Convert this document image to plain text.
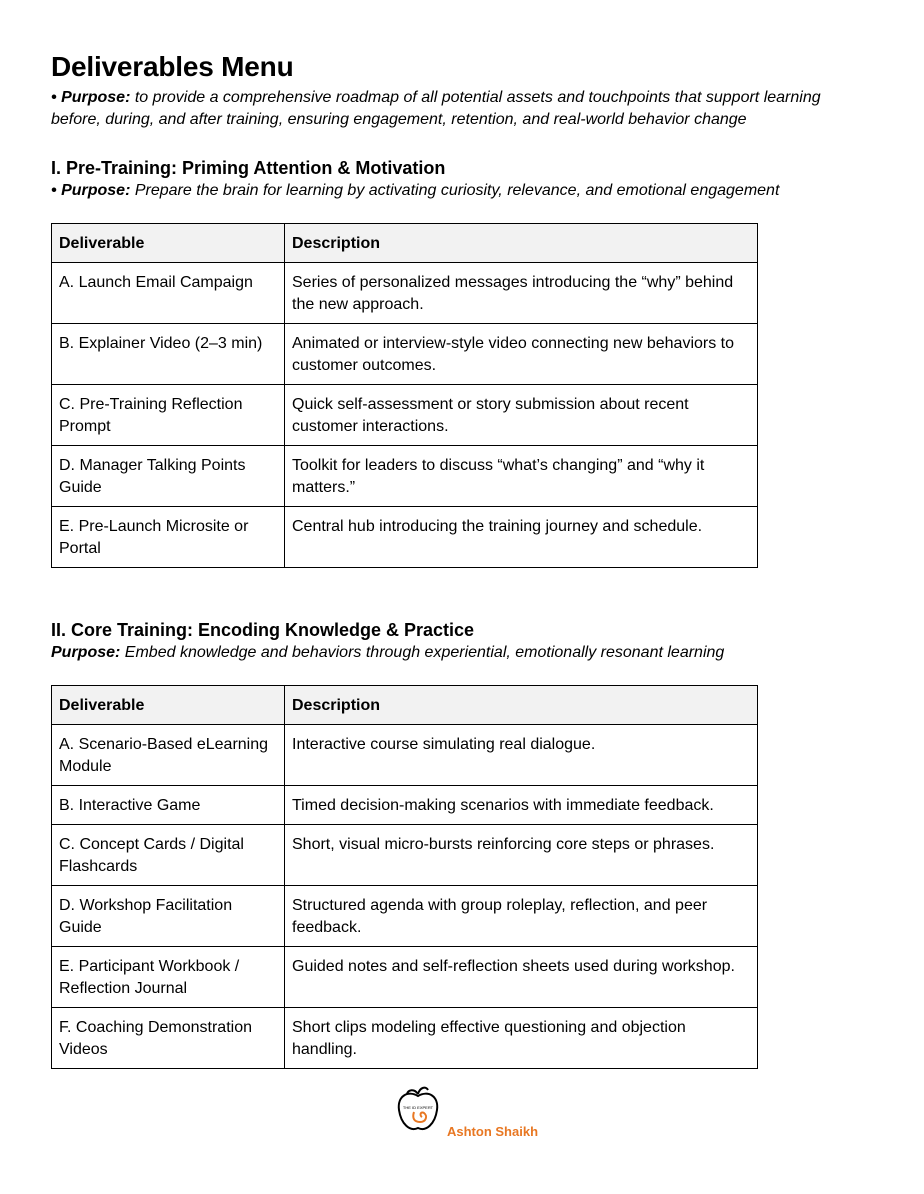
Deliverables Menu

• Purpose: to provide a comprehensive roadmap of all potential assets and touchpoints that support learning before, during, and after training, ensuring engagement, retention, and real-world behavior change

I. Pre-Training: Priming Attention & Motivation

• Purpose: Prepare the brain for learning by activating curiosity, relevance, and emotional engagement

Deliverable	Description
A. Launch Email Campaign	Series of personalized messages introducing the “why” behind the new approach.
B. Explainer Video (2–3 min)	Animated or interview-style video connecting new behaviors to customer outcomes.
C. Pre-Training Reflection Prompt	Quick self-assessment or story submission about recent customer interactions.
D. Manager Talking Points Guide	Toolkit for leaders to discuss “what’s changing” and “why it matters.”
E. Pre-Launch Microsite or Portal	Central hub introducing the training journey and schedule.
II. Core Training: Encoding Knowledge & Practice

Purpose: Embed knowledge and behaviors through experiential, emotionally resonant learning

Deliverable	Description
A. Scenario-Based eLearning Module	Interactive course simulating real dialogue.
B. Interactive Game	Timed decision-making scenarios with immediate feedback.
C. Concept Cards / Digital Flashcards	Short, visual micro-bursts reinforcing core steps or phrases.
D. Workshop Facilitation Guide	Structured agenda with group roleplay, reflection, and peer feedback.
E. Participant Workbook / Reflection Journal	Guided notes and self-reflection sheets used during workshop.
F. Coaching Demonstration Videos	Short clips modeling effective questioning and objection handling.
THE ID EXPERT
Ashton Shaikh
